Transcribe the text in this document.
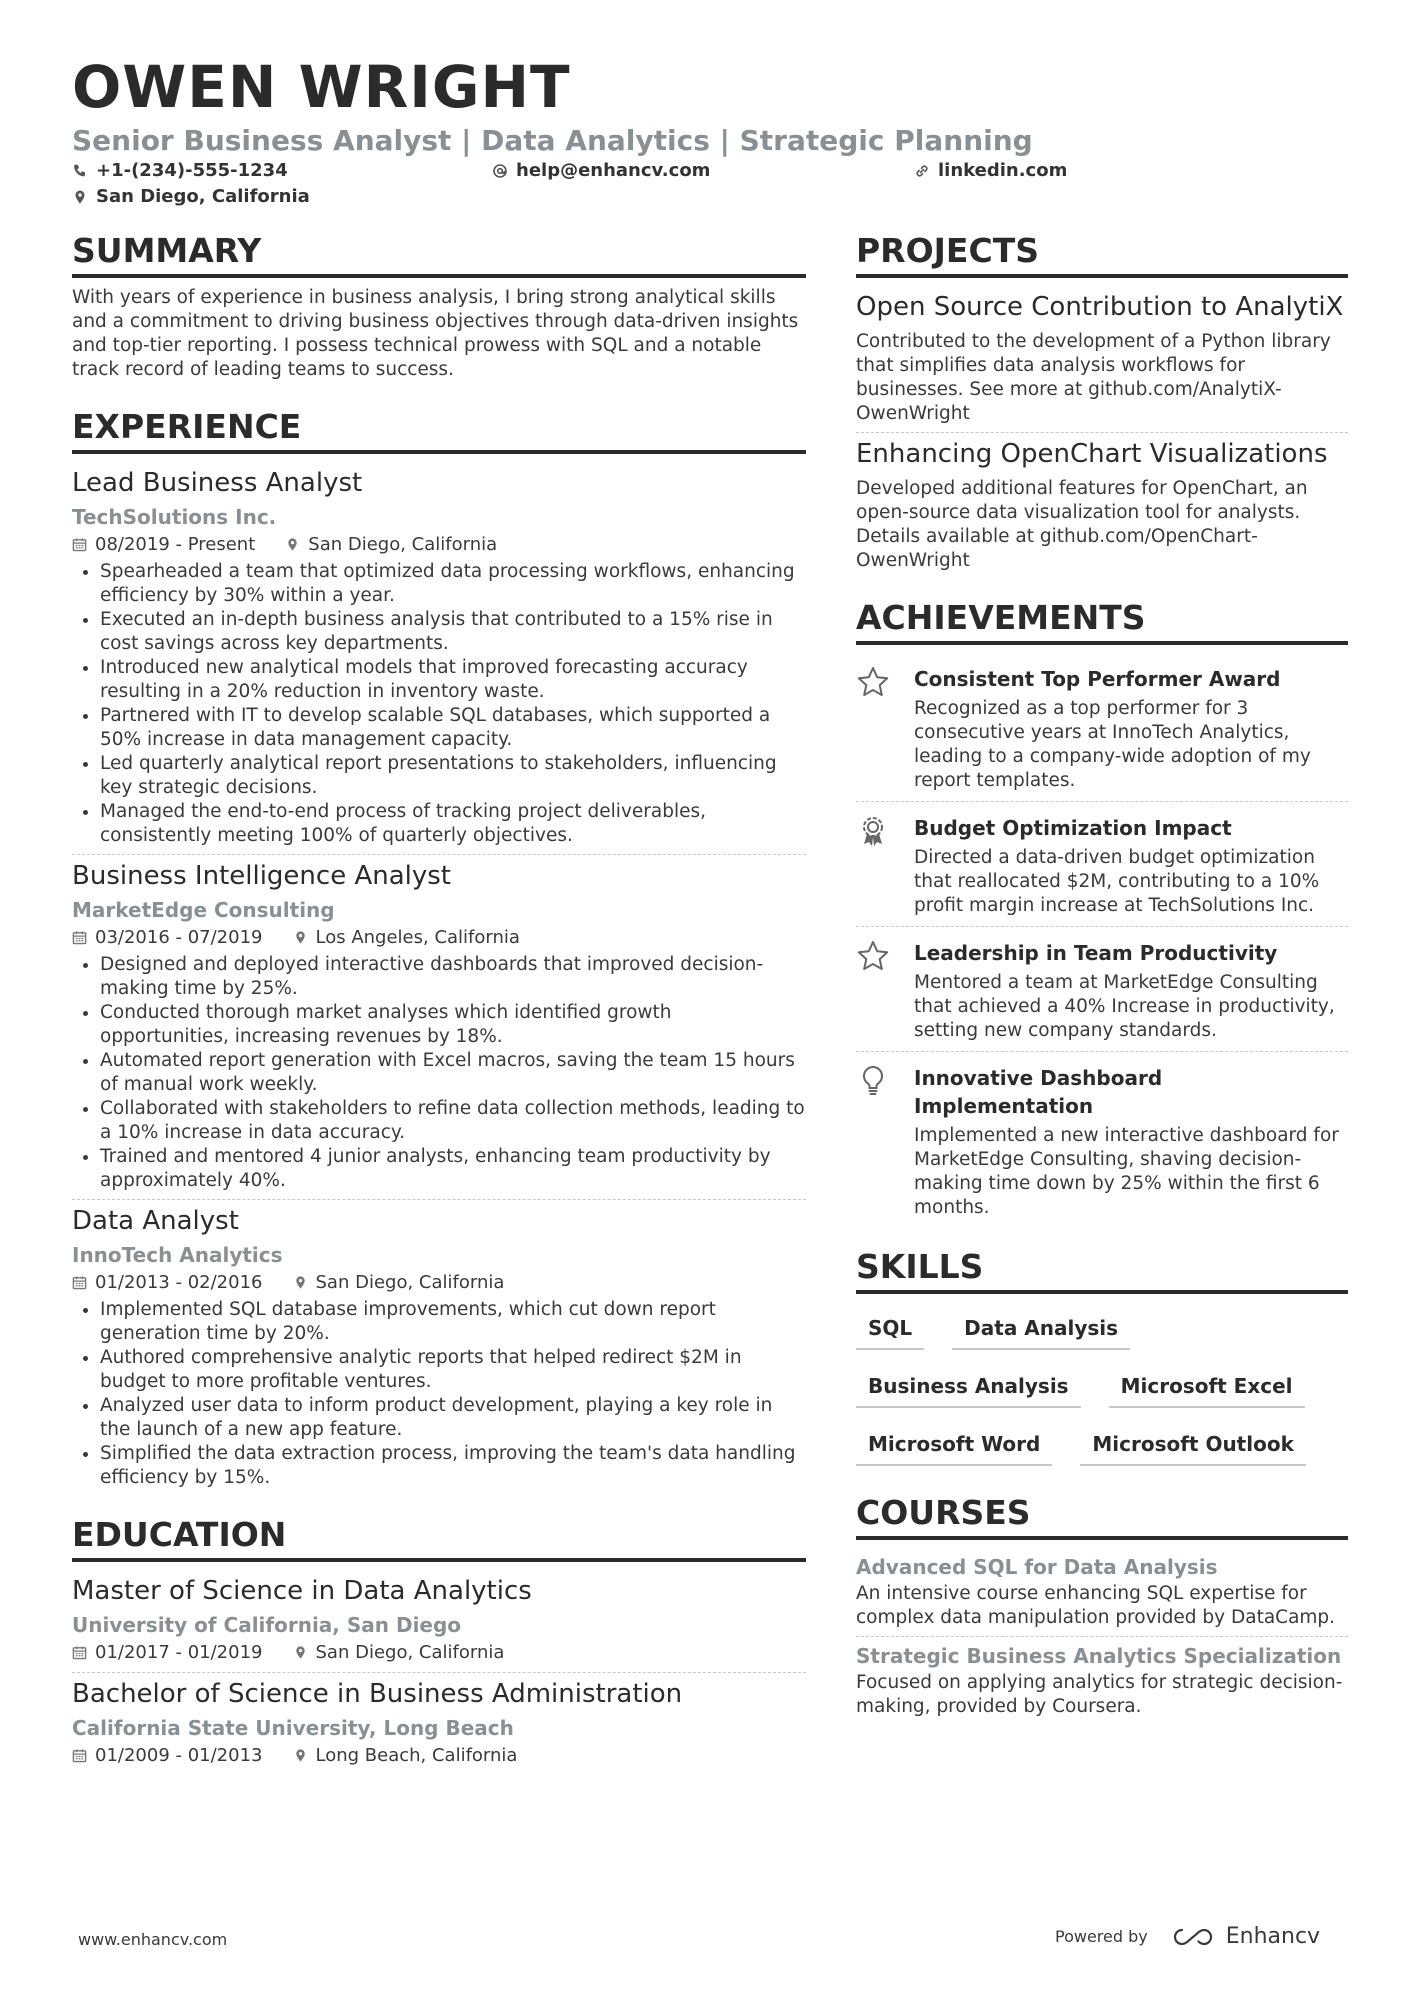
OWEN WRIGHT
Senior Business Analyst | Data Analytics | Strategic Planning
+1-(234)-555-1234	help@enhancv.com	linkedin.com
San Diego, California
SUMMARY
With years of experience in business analysis, I bring strong analytical skills and a commitment to driving business objectives through data-driven insights and top-tier reporting. I possess technical prowess with SQL and a notable track record of leading teams to success.
EXPERIENCE
Lead Business Analyst
TechSolutions Inc.
08/2019 - Present	San Diego, California
• Spearheaded a team that optimized data processing workflows, enhancing efficiency by 30% within a year.
• Executed an in-depth business analysis that contributed to a 15% rise in cost savings across key departments.
• Introduced new analytical models that improved forecasting accuracy resulting in a 20% reduction in inventory waste.
• Partnered with IT to develop scalable SQL databases, which supported a 50% increase in data management capacity.
• Led quarterly analytical report presentations to stakeholders, influencing key strategic decisions.
• Managed the end-to-end process of tracking project deliverables, consistently meeting 100% of quarterly objectives.
Business Intelligence Analyst
MarketEdge Consulting
03/2016 - 07/2019	Los Angeles, California
• Designed and deployed interactive dashboards that improved decision-making time by 25%.
• Conducted thorough market analyses which identified growth opportunities, increasing revenues by 18%.
• Automated report generation with Excel macros, saving the team 15 hours of manual work weekly.
• Collaborated with stakeholders to refine data collection methods, leading to a 10% increase in data accuracy.
• Trained and mentored 4 junior analysts, enhancing team productivity by approximately 40%.
Data Analyst
InnoTech Analytics
01/2013 - 02/2016	San Diego, California
• Implemented SQL database improvements, which cut down report generation time by 20%.
• Authored comprehensive analytic reports that helped redirect $2M in budget to more profitable ventures.
• Analyzed user data to inform product development, playing a key role in the launch of a new app feature.
• Simplified the data extraction process, improving the team's data handling efficiency by 15%.
EDUCATION
Master of Science in Data Analytics
University of California, San Diego
01/2017 - 01/2019	San Diego, California
Bachelor of Science in Business Administration
California State University, Long Beach
01/2009 - 01/2013	Long Beach, California
PROJECTS
Open Source Contribution to AnalytiX
Contributed to the development of a Python library that simplifies data analysis workflows for businesses. See more at github.com/AnalytiX-OwenWright
Enhancing OpenChart Visualizations
Developed additional features for OpenChart, an open-source data visualization tool for analysts. Details available at github.com/OpenChart-OwenWright
ACHIEVEMENTS
Consistent Top Performer Award
Recognized as a top performer for 3 consecutive years at InnoTech Analytics, leading to a company-wide adoption of my report templates.
Budget Optimization Impact
Directed a data-driven budget optimization that reallocated $2M, contributing to a 10% profit margin increase at TechSolutions Inc.
Leadership in Team Productivity
Mentored a team at MarketEdge Consulting that achieved a 40% Increase in productivity, setting new company standards.
Innovative Dashboard Implementation
Implemented a new interactive dashboard for MarketEdge Consulting, shaving decision-making time down by 25% within the first 6 months.
SKILLS
SQL	Data Analysis
Business Analysis	Microsoft Excel
Microsoft Word	Microsoft Outlook
COURSES
Advanced SQL for Data Analysis
An intensive course enhancing SQL expertise for complex data manipulation provided by DataCamp.
Strategic Business Analytics Specialization
Focused on applying analytics for strategic decision-making, provided by Coursera.
www.enhancv.com	Powered by	Enhancv
